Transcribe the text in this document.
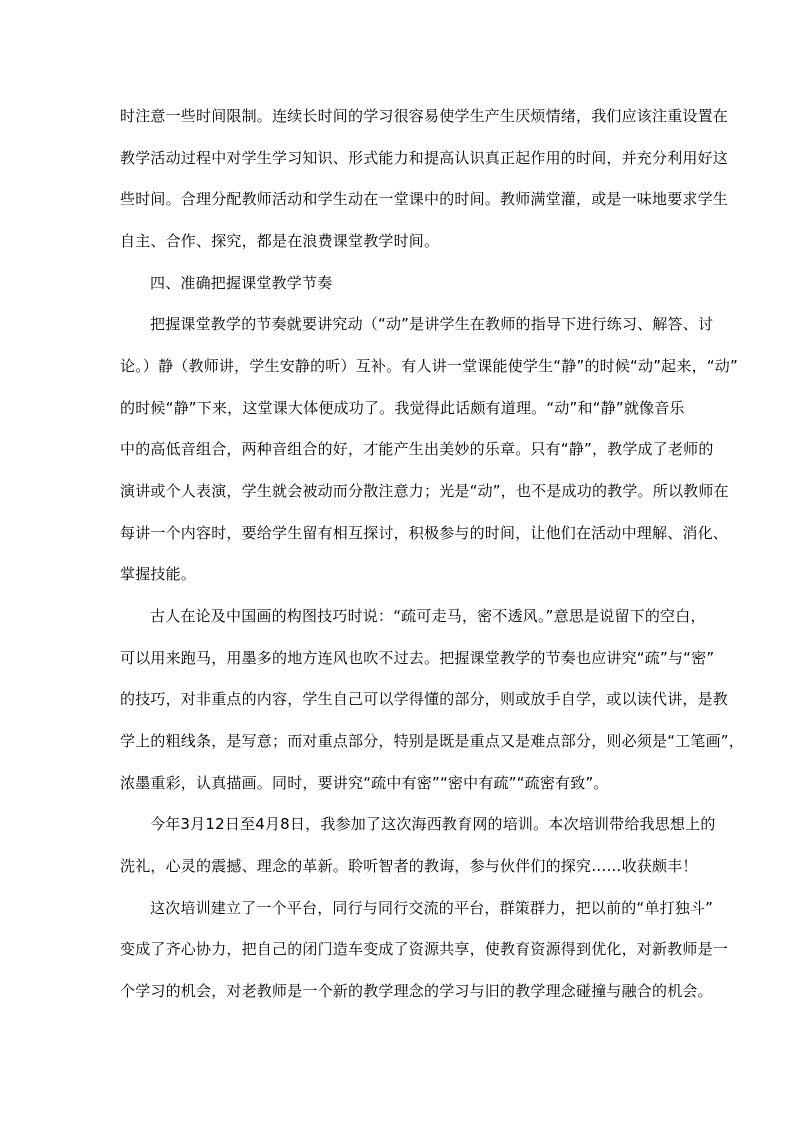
时注意一些时间限制。连续长时间的学习很容易使学生产生厌烦情绪，我们应该注重设置在
教学活动过程中对学生学习知识、形式能力和提高认识真正起作用的时间，并充分利用好这
些时间。合理分配教师活动和学生动在一堂课中的时间。教师满堂灌，或是一味地要求学生
自主、合作、探究，都是在浪费课堂教学时间。
四、准确把握课堂教学节奏
把握课堂教学的节奏就要讲究动（“动”是讲学生在教师的指导下进行练习、解答、讨
论。）静（教师讲，学生安静的听）互补。有人讲一堂课能使学生“静”的时候“动”起来，“动”
的时候“静”下来，这堂课大体便成功了。我觉得此话颇有道理。“动”和“静”就像音乐
中的高低音组合，两种音组合的好，才能产生出美妙的乐章。只有“静”，教学成了老师的
演讲或个人表演，学生就会被动而分散注意力；光是“动”，也不是成功的教学。所以教师在
每讲一个内容时，要给学生留有相互探讨，积极参与的时间，让他们在活动中理解、消化、
掌握技能。
古人在论及中国画的构图技巧时说：“疏可走马，密不透风。”意思是说留下的空白，
可以用来跑马，用墨多的地方连风也吹不过去。把握课堂教学的节奏也应讲究“疏”与“密”
的技巧，对非重点的内容，学生自己可以学得懂的部分，则或放手自学，或以读代讲，是教
学上的粗线条，是写意；而对重点部分，特别是既是重点又是难点部分，则必须是“工笔画”，
浓墨重彩，认真描画。同时，要讲究“疏中有密”“密中有疏”“疏密有致”。
今年3月12日至4月8日，我参加了这次海西教育网的培训。本次培训带给我思想上的
洗礼，心灵的震撼、理念的革新。聆听智者的教诲，参与伙伴们的探究……收获颇丰！
这次培训建立了一个平台，同行与同行交流的平台，群策群力，把以前的“单打独斗”
变成了齐心协力，把自己的闭门造车变成了资源共享，使教育资源得到优化，对新教师是一
个学习的机会，对老教师是一个新的教学理念的学习与旧的教学理念碰撞与融合的机会。
